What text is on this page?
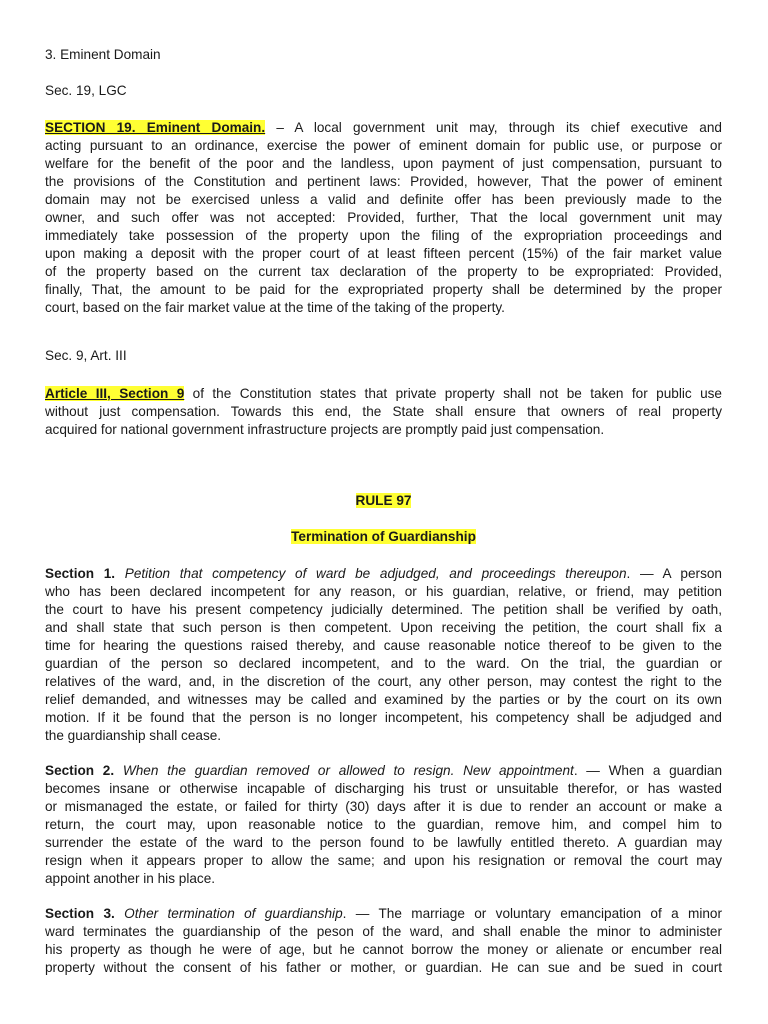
3. Eminent Domain
Sec. 19, LGC
SECTION 19. Eminent Domain. – A local government unit may, through its chief executive and
acting pursuant to an ordinance, exercise the power of eminent domain for public use, or purpose or
welfare for the benefit of the poor and the landless, upon payment of just compensation, pursuant to
the provisions of the Constitution and pertinent laws: Provided, however, That the power of eminent
domain may not be exercised unless a valid and definite offer has been previously made to the
owner, and such offer was not accepted: Provided, further, That the local government unit may
immediately take possession of the property upon the filing of the expropriation proceedings and
upon making a deposit with the proper court of at least fifteen percent (15%) of the fair market value
of the property based on the current tax declaration of the property to be expropriated: Provided,
finally, That, the amount to be paid for the expropriated property shall be determined by the proper
court, based on the fair market value at the time of the taking of the property.
Sec. 9, Art. III
Article III, Section 9 of the Constitution states that private property shall not be taken for public use
without just compensation. Towards this end, the State shall ensure that owners of real property
acquired for national government infrastructure projects are promptly paid just compensation.
RULE 97
Termination of Guardianship
Section 1. Petition that competency of ward be adjudged, and proceedings thereupon. — A person
who has been declared incompetent for any reason, or his guardian, relative, or friend, may petition
the court to have his present competency judicially determined. The petition shall be verified by oath,
and shall state that such person is then competent. Upon receiving the petition, the court shall fix a
time for hearing the questions raised thereby, and cause reasonable notice thereof to be given to the
guardian of the person so declared incompetent, and to the ward. On the trial, the guardian or
relatives of the ward, and, in the discretion of the court, any other person, may contest the right to the
relief demanded, and witnesses may be called and examined by the parties or by the court on its own
motion. If it be found that the person is no longer incompetent, his competency shall be adjudged and
the guardianship shall cease.
Section 2. When the guardian removed or allowed to resign. New appointment. — When a guardian
becomes insane or otherwise incapable of discharging his trust or unsuitable therefor, or has wasted
or mismanaged the estate, or failed for thirty (30) days after it is due to render an account or make a
return, the court may, upon reasonable notice to the guardian, remove him, and compel him to
surrender the estate of the ward to the person found to be lawfully entitled thereto. A guardian may
resign when it appears proper to allow the same; and upon his resignation or removal the court may
appoint another in his place.
Section 3. Other termination of guardianship. — The marriage or voluntary emancipation of a minor
ward terminates the guardianship of the peson of the ward, and shall enable the minor to administer
his property as though he were of age, but he cannot borrow the money or alienate or encumber real
property without the consent of his father or mother, or guardian. He can sue and be sued in court
